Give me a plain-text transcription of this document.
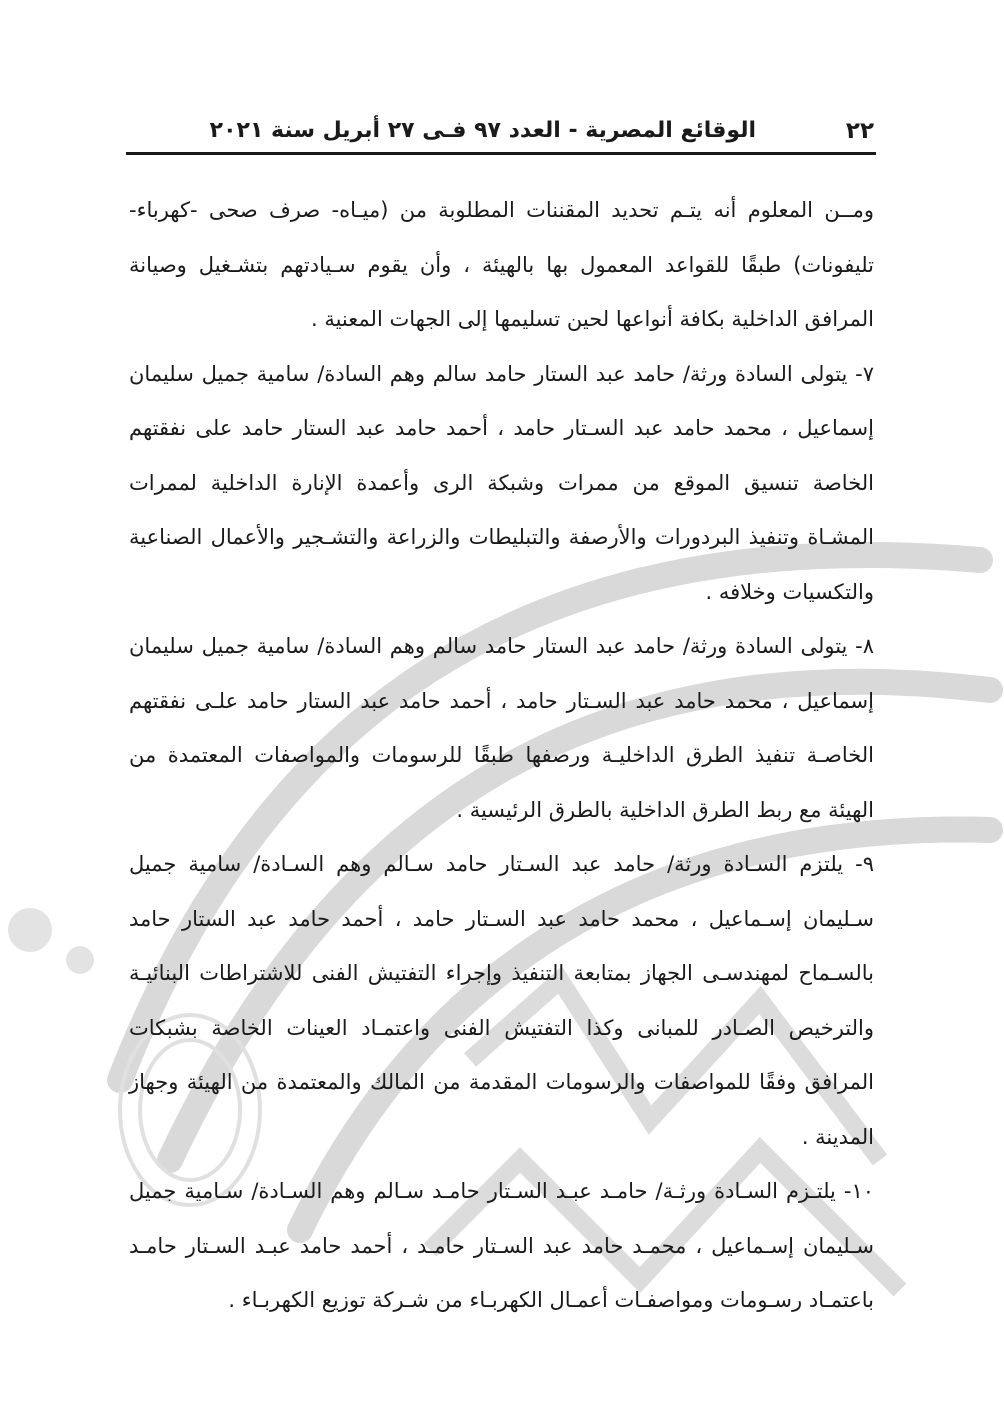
٢٢
الوقائع المصرية - العدد ٩٧ فـى ٢٧ أبريل سنة ٢٠٢١

ومــن المعلوم أنه يتـم تحديد المقننات المطلوبة من (ميـاه- صرف صحى -كهرباء- تليفونات) طبقًا للقواعد المعمول بها بالهيئة ، وأن يقوم سـيادتهم بتشـغيل وصيانة المرافق الداخلية بكافة أنواعها لحين تسليمها إلى الجهات المعنية .

٧- يتولى السادة ورثة/ حامد عبد الستار حامد سالم وهم السادة/ سامية جميل سليمان إسماعيل ، محمد حامد عبد السـتار حامد ، أحمد حامد عبد الستار حامد على نفقتهم الخاصة تنسيق الموقع من ممرات وشبكة الرى وأعمدة الإنارة الداخلية لممرات المشـاة وتنفيذ البردورات والأرصفة والتبليطات والزراعة والتشـجير والأعمال الصناعية والتكسيات وخلافه .

٨- يتولى السادة ورثة/ حامد عبد الستار حامد سالم وهم السادة/ سامية جميل سليمان إسماعيل ، محمد حامد عبد السـتار حامد ، أحمد حامد عبد الستار حامد علـى نفقتهم الخاصـة تنفيذ الطرق الداخليـة ورصفها طبقًا للرسومات والمواصفات المعتمدة من الهيئة مع ربط الطرق الداخلية بالطرق الرئيسية .

٩- يلتزم السـادة ورثة/ حامد عبد السـتار حامد سـالم وهم السـادة/ سامية جميل سـليمان إسـماعيل ، محمد حامد عبد السـتار حامد ، أحمد حامد عبد الستار حامد بالسـماح لمهندسـى الجهاز بمتابعة التنفيذ وإجراء التفتيش الفنى للاشتراطات البنائيـة والترخيص الصـادر للمبانى وكذا التفتيش الفنى واعتمـاد العينات الخاصة بشبكات المرافق وفقًا للمواصفات والرسومات المقدمة من المالك والمعتمدة من الهيئة وجهاز المدينة .

١٠- يلتـزم السـادة ورثـة/ حامـد عبـد السـتار حامـد سـالم وهم السـادة/ سـامية جميل سـليمان إسـماعيل ، محمـد حامد عبد السـتار حامـد ، أحمد حامد عبـد السـتار حامـد باعتمـاد رسـومات ومواصفـات أعمـال الكهربـاء من شـركة توزيع الكهربـاء .
